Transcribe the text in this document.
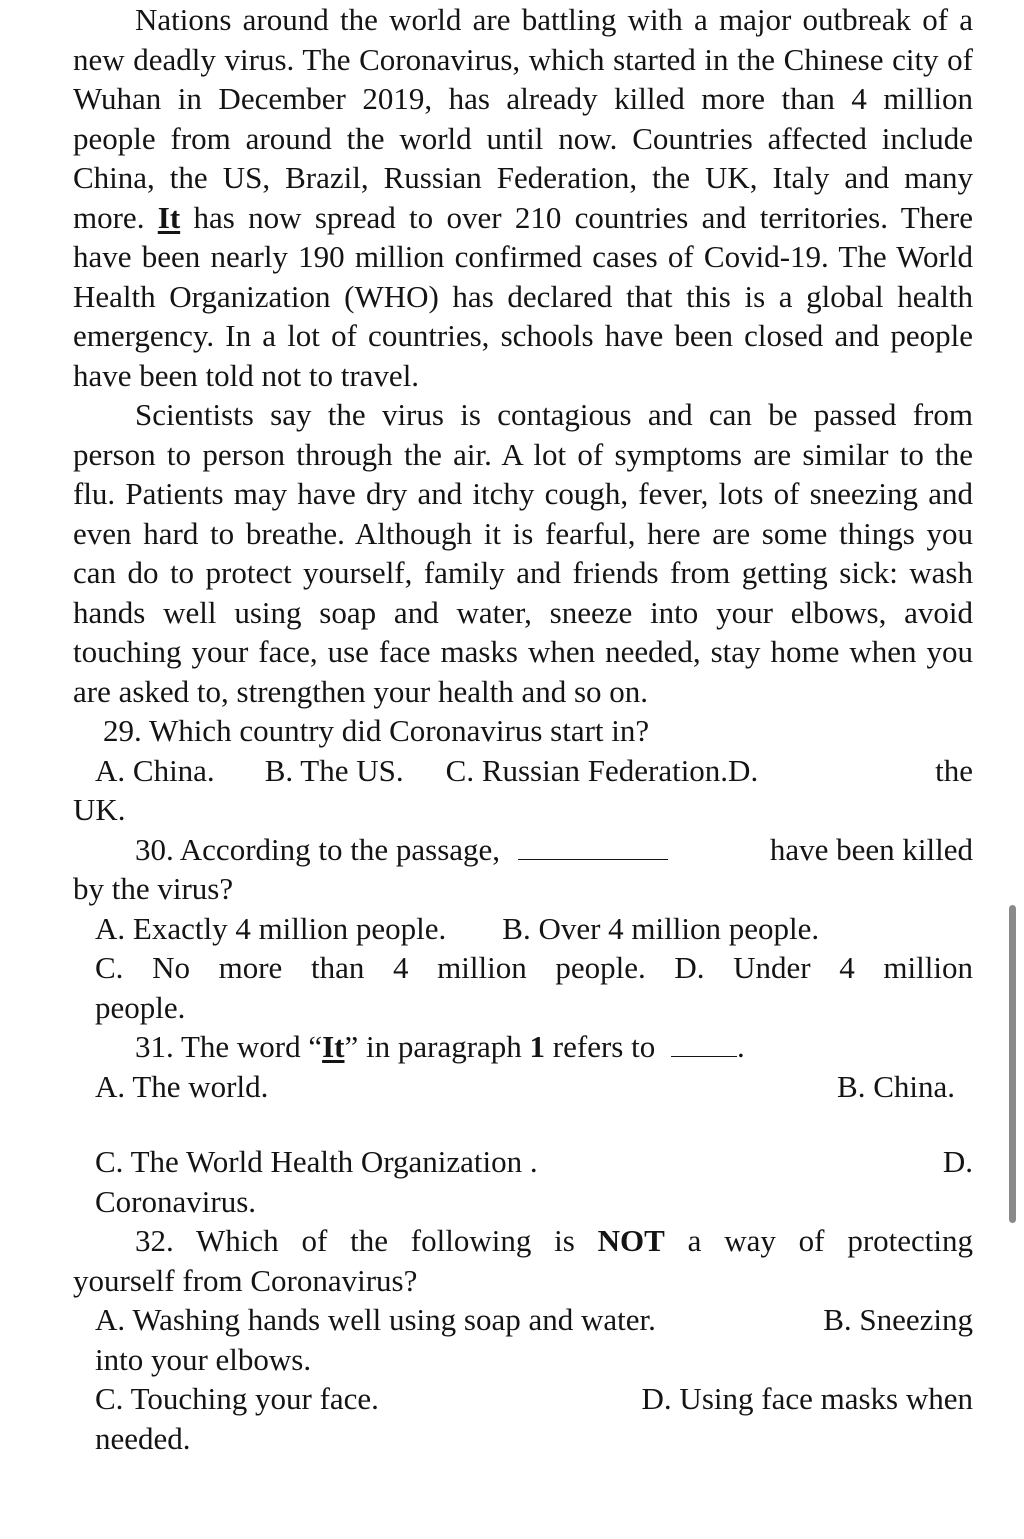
Nations around the world are battling with a major outbreak of a new deadly virus. The Coronavirus, which started in the Chinese city of Wuhan in December 2019, has already killed more than 4 million people from around the world until now. Countries affected include China, the US, Brazil, Russian Federation, the UK, Italy and many more. It has now spread to over 210 countries and territories. There have been nearly 190 million confirmed cases of Covid-19. The World Health Organization (WHO) has declared that this is a global health emergency. In a lot of countries, schools have been closed and people have been told not to travel.

Scientists say the virus is contagious and can be passed from person to person through the air. A lot of symptoms are similar to the flu. Patients may have dry and itchy cough, fever, lots of sneezing and even hard to breathe. Although it is fearful, here are some things you can do to protect yourself, family and friends from getting sick: wash hands well using soap and water, sneeze into your elbows, avoid touching your face, use face masks when needed, stay home when you are asked to, strengthen your health and so on.

29. Which country did Coronavirus start in?
A. China. B. The US. C. Russian Federation.D.	the
UK.
30. According to the passage,	have been killed
by the virus?
A. Exactly 4 million people. B. Over 4 million people.
C. No more than 4 million people. D. Under 4 million
people.
31. The word “It” in paragraph 1 refers to	.
A. The world.	B. China.
C. The World Health Organization .	D.
Coronavirus.
32. Which of the following is NOT a way of protecting
yourself from Coronavirus?
A. Washing hands well using soap and water.	B. Sneezing
into your elbows.
C. Touching your face.	D. Using face masks when
needed.
